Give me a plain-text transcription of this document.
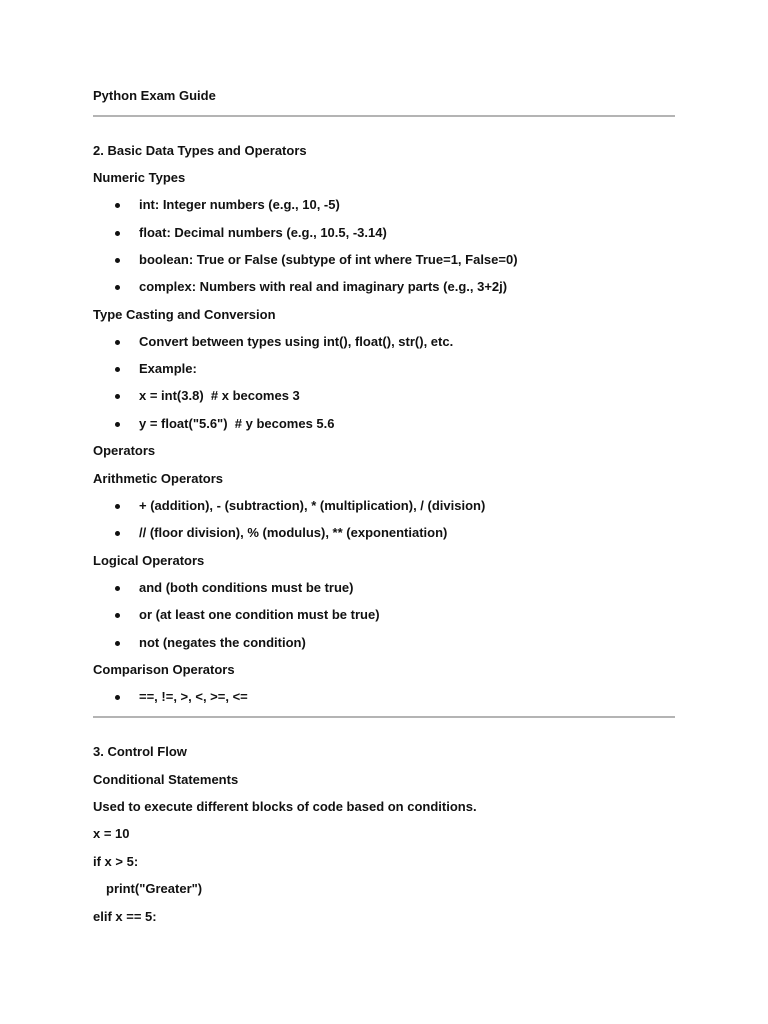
Python Exam Guide
2. Basic Data Types and Operators
Numeric Types
int: Integer numbers (e.g., 10, -5)
float: Decimal numbers (e.g., 10.5, -3.14)
boolean: True or False (subtype of int where True=1, False=0)
complex: Numbers with real and imaginary parts (e.g., 3+2j)
Type Casting and Conversion
Convert between types using int(), float(), str(), etc.
Example:
x = int(3.8)  # x becomes 3
y = float("5.6")  # y becomes 5.6
Operators
Arithmetic Operators
+ (addition), - (subtraction), * (multiplication), / (division)
// (floor division), % (modulus), ** (exponentiation)
Logical Operators
and (both conditions must be true)
or (at least one condition must be true)
not (negates the condition)
Comparison Operators
==, !=, >, <, >=, <=
3. Control Flow
Conditional Statements
Used to execute different blocks of code based on conditions.
x = 10
if x > 5:
print("Greater")
elif x == 5:
